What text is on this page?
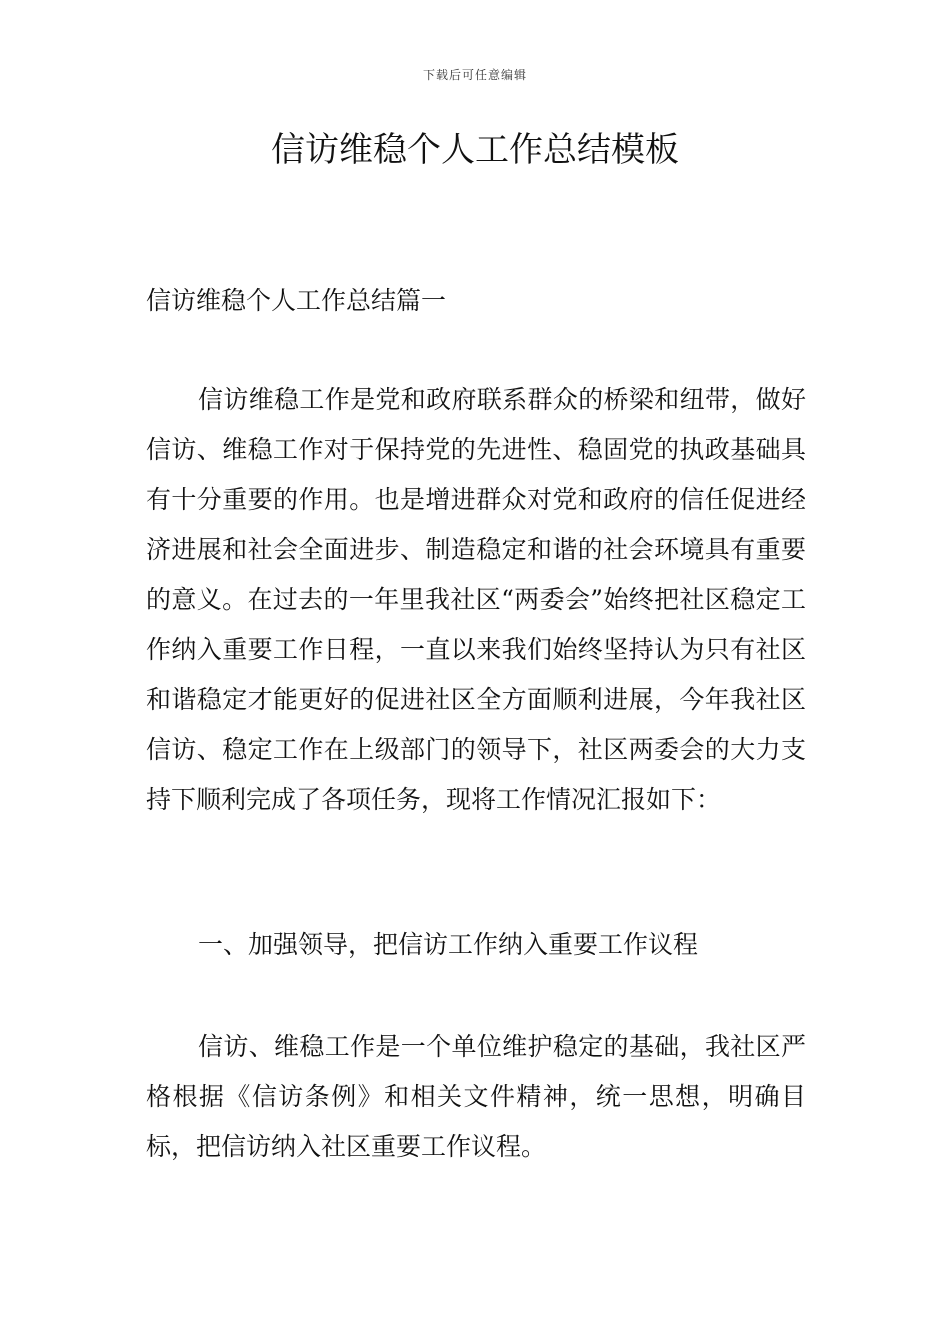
下载后可任意编辑
信访维稳个人工作总结模板

信访维稳个人工作总结篇一

信访维稳工作是党和政府联系群众的桥梁和纽带，做好信访、维稳工作对于保持党的先进性、稳固党的执政基础具有十分重要的作用。也是增进群众对党和政府的信任促进经济进展和社会全面进步、制造稳定和谐的社会环境具有重要的意义。在过去的一年里我社区“两委会”始终把社区稳定工作纳入重要工作日程，一直以来我们始终坚持认为只有社区和谐稳定才能更好的促进社区全方面顺利进展，今年我社区信访、稳定工作在上级部门的领导下，社区两委会的大力支持下顺利完成了各项任务，现将工作情况汇报如下：

一、加强领导，把信访工作纳入重要工作议程

信访、维稳工作是一个单位维护稳定的基础，我社区严格根据《信访条例》和相关文件精神，统一思想，明确目标，把信访纳入社区重要工作议程。
